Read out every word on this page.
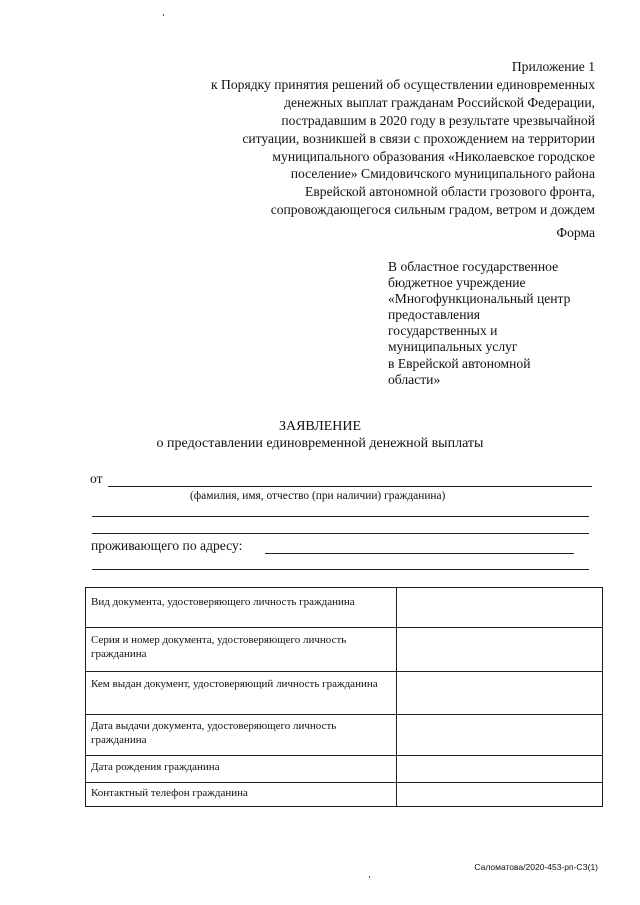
Приложение 1
к Порядку принятия решений об осуществлении единовременных
денежных выплат гражданам Российской Федерации,
пострадавшим в 2020 году в результате чрезвычайной
ситуации, возникшей в связи с прохождением на территории
муниципального образования «Николаевское городское
поселение» Смидовичского муниципального района
Еврейской автономной области грозового фронта,
сопровождающегося сильным градом, ветром и дождем
Форма
В областное государственное
бюджетное учреждение
«Многофункциональный центр
предоставления
государственных и
муниципальных услуг
в Еврейской автономной
области»
ЗАЯВЛЕНИЕ
о предоставлении единовременной денежной выплаты
от
(фамилия, имя, отчество (при наличии) гражданина)
проживающего по адресу:
Вид документа, удостоверяющего личность гражданина	
Серия и номер документа, удостоверяющего личность гражданина	
Кем выдан документ, удостоверяющий личность гражданина	
Дата выдачи документа, удостоверяющего личность гражданина	
Дата рождения гражданина	
Контактный телефон гражданина	
Саломатова/2020-453-рп-СЗ(1)
